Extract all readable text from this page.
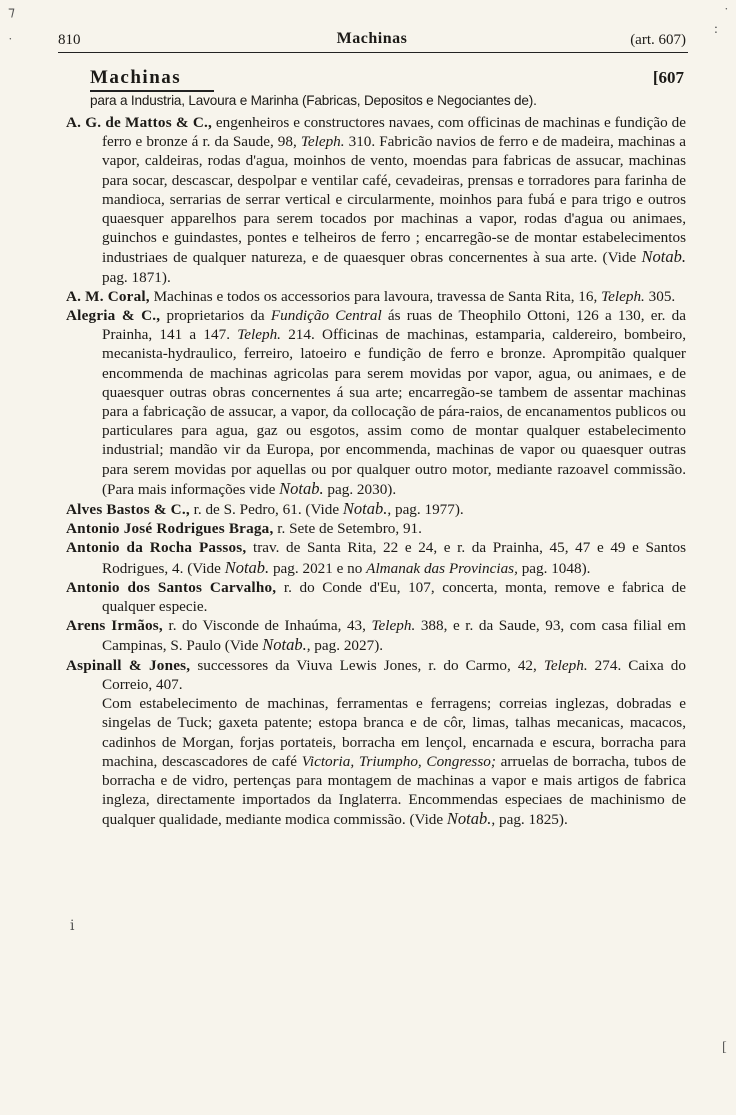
810	Machinas	(art. 607)
Machinas	[607
para a Industria, Lavoura e Marinha (Fabricas, Depositos e Negociantes de).

A. G. de Mattos & C., engenheiros e constructores navaes, com officinas de machinas e fundição de ferro e bronze á r. da Saude, 98, Teleph. 310. Fabricão navios de ferro e de madeira, machinas a vapor, caldeiras, rodas d'agua, moinhos de vento, moendas para fabricas de assucar, machinas para socar, descascar, despolpar e ventilar café, cevadeiras, prensas e torradores para farinha de mandioca, serrarias de serrar vertical e circularmente, moinhos para fubá e para trigo e outros quaesquer apparelhos para serem tocados por machinas a vapor, rodas d'agua ou animaes, guinchos e guindastes, pontes e telheiros de ferro ; encarregão-se de montar estabelecimentos industriaes de qualquer natureza, e de quaesquer obras concernentes à sua arte. (Vide Notab. pag. 1871).

A. M. Coral, Machinas e todos os accessorios para lavoura, travessa de Santa Rita, 16, Teleph. 305.

Alegria & C., proprietarios da Fundição Central ás ruas de Theophilo Ottoni, 126 a 130, er. da Prainha, 141 a 147. Teleph. 214. Officinas de machinas, estamparia, caldereiro, bombeiro, mecanista-hydraulico, ferreiro, latoeiro e fundição de ferro e bronze. Aprompitão qualquer encommenda de machinas agricolas para serem movidas por vapor, agua, ou animaes, e de quaesquer outras obras concernentes á sua arte; encarregão-se tambem de assentar machinas para a fabricação de assucar, a vapor, da collocação de pára-raios, de encanamentos publicos ou particulares para agua, gaz ou esgotos, assim como de montar qualquer estabelecimento industrial; mandão vir da Europa, por encommenda, machinas de vapor ou quaesquer outras para serem movidas por aquellas ou por qualquer outro motor, mediante razoavel commissão. (Para mais informações vide Notab. pag. 2030).

Alves Bastos & C., r. de S. Pedro, 61. (Vide Notab., pag. 1977).

Antonio José Rodrigues Braga, r. Sete de Setembro, 91.

Antonio da Rocha Passos, trav. de Santa Rita, 22 e 24, e r. da Prainha, 45, 47 e 49 e Santos Rodrigues, 4. (Vide Notab. pag. 2021 e no Almanak das Provincias, pag. 1048).

Antonio dos Santos Carvalho, r. do Conde d'Eu, 107, concerta, monta, remove e fabrica de qualquer especie.

Arens Irmãos, r. do Visconde de Inhaúma, 43, Teleph. 388, e r. da Saude, 93, com casa filial em Campinas, S. Paulo (Vide Notab., pag. 2027).

Aspinall & Jones, successores da Viuva Lewis Jones, r. do Carmo, 42, Teleph. 274. Caixa do Correio, 407.
Com estabelecimento de machinas, ferramentas e ferragens; correias inglezas, dobradas e singelas de Tuck; gaxeta patente; estopa branca e de côr, limas, talhas mecanicas, macacos, cadinhos de Morgan, forjas portateis, borracha em lençol, encarnada e escura, borracha para machina, descascadores de café Victoria, Triumpho, Congresso; arruelas de borracha, tubos de borracha e de vidro, pertenças para montagem de machinas a vapor e mais artigos de fabrica ingleza, directamente importados da Inglaterra. Encommendas especiaes de machinismo de qualquer qualidade, mediante modica commissão. (Vide Notab., pag. 1825).

⁊
˙
˙
:
ⅰ
[
